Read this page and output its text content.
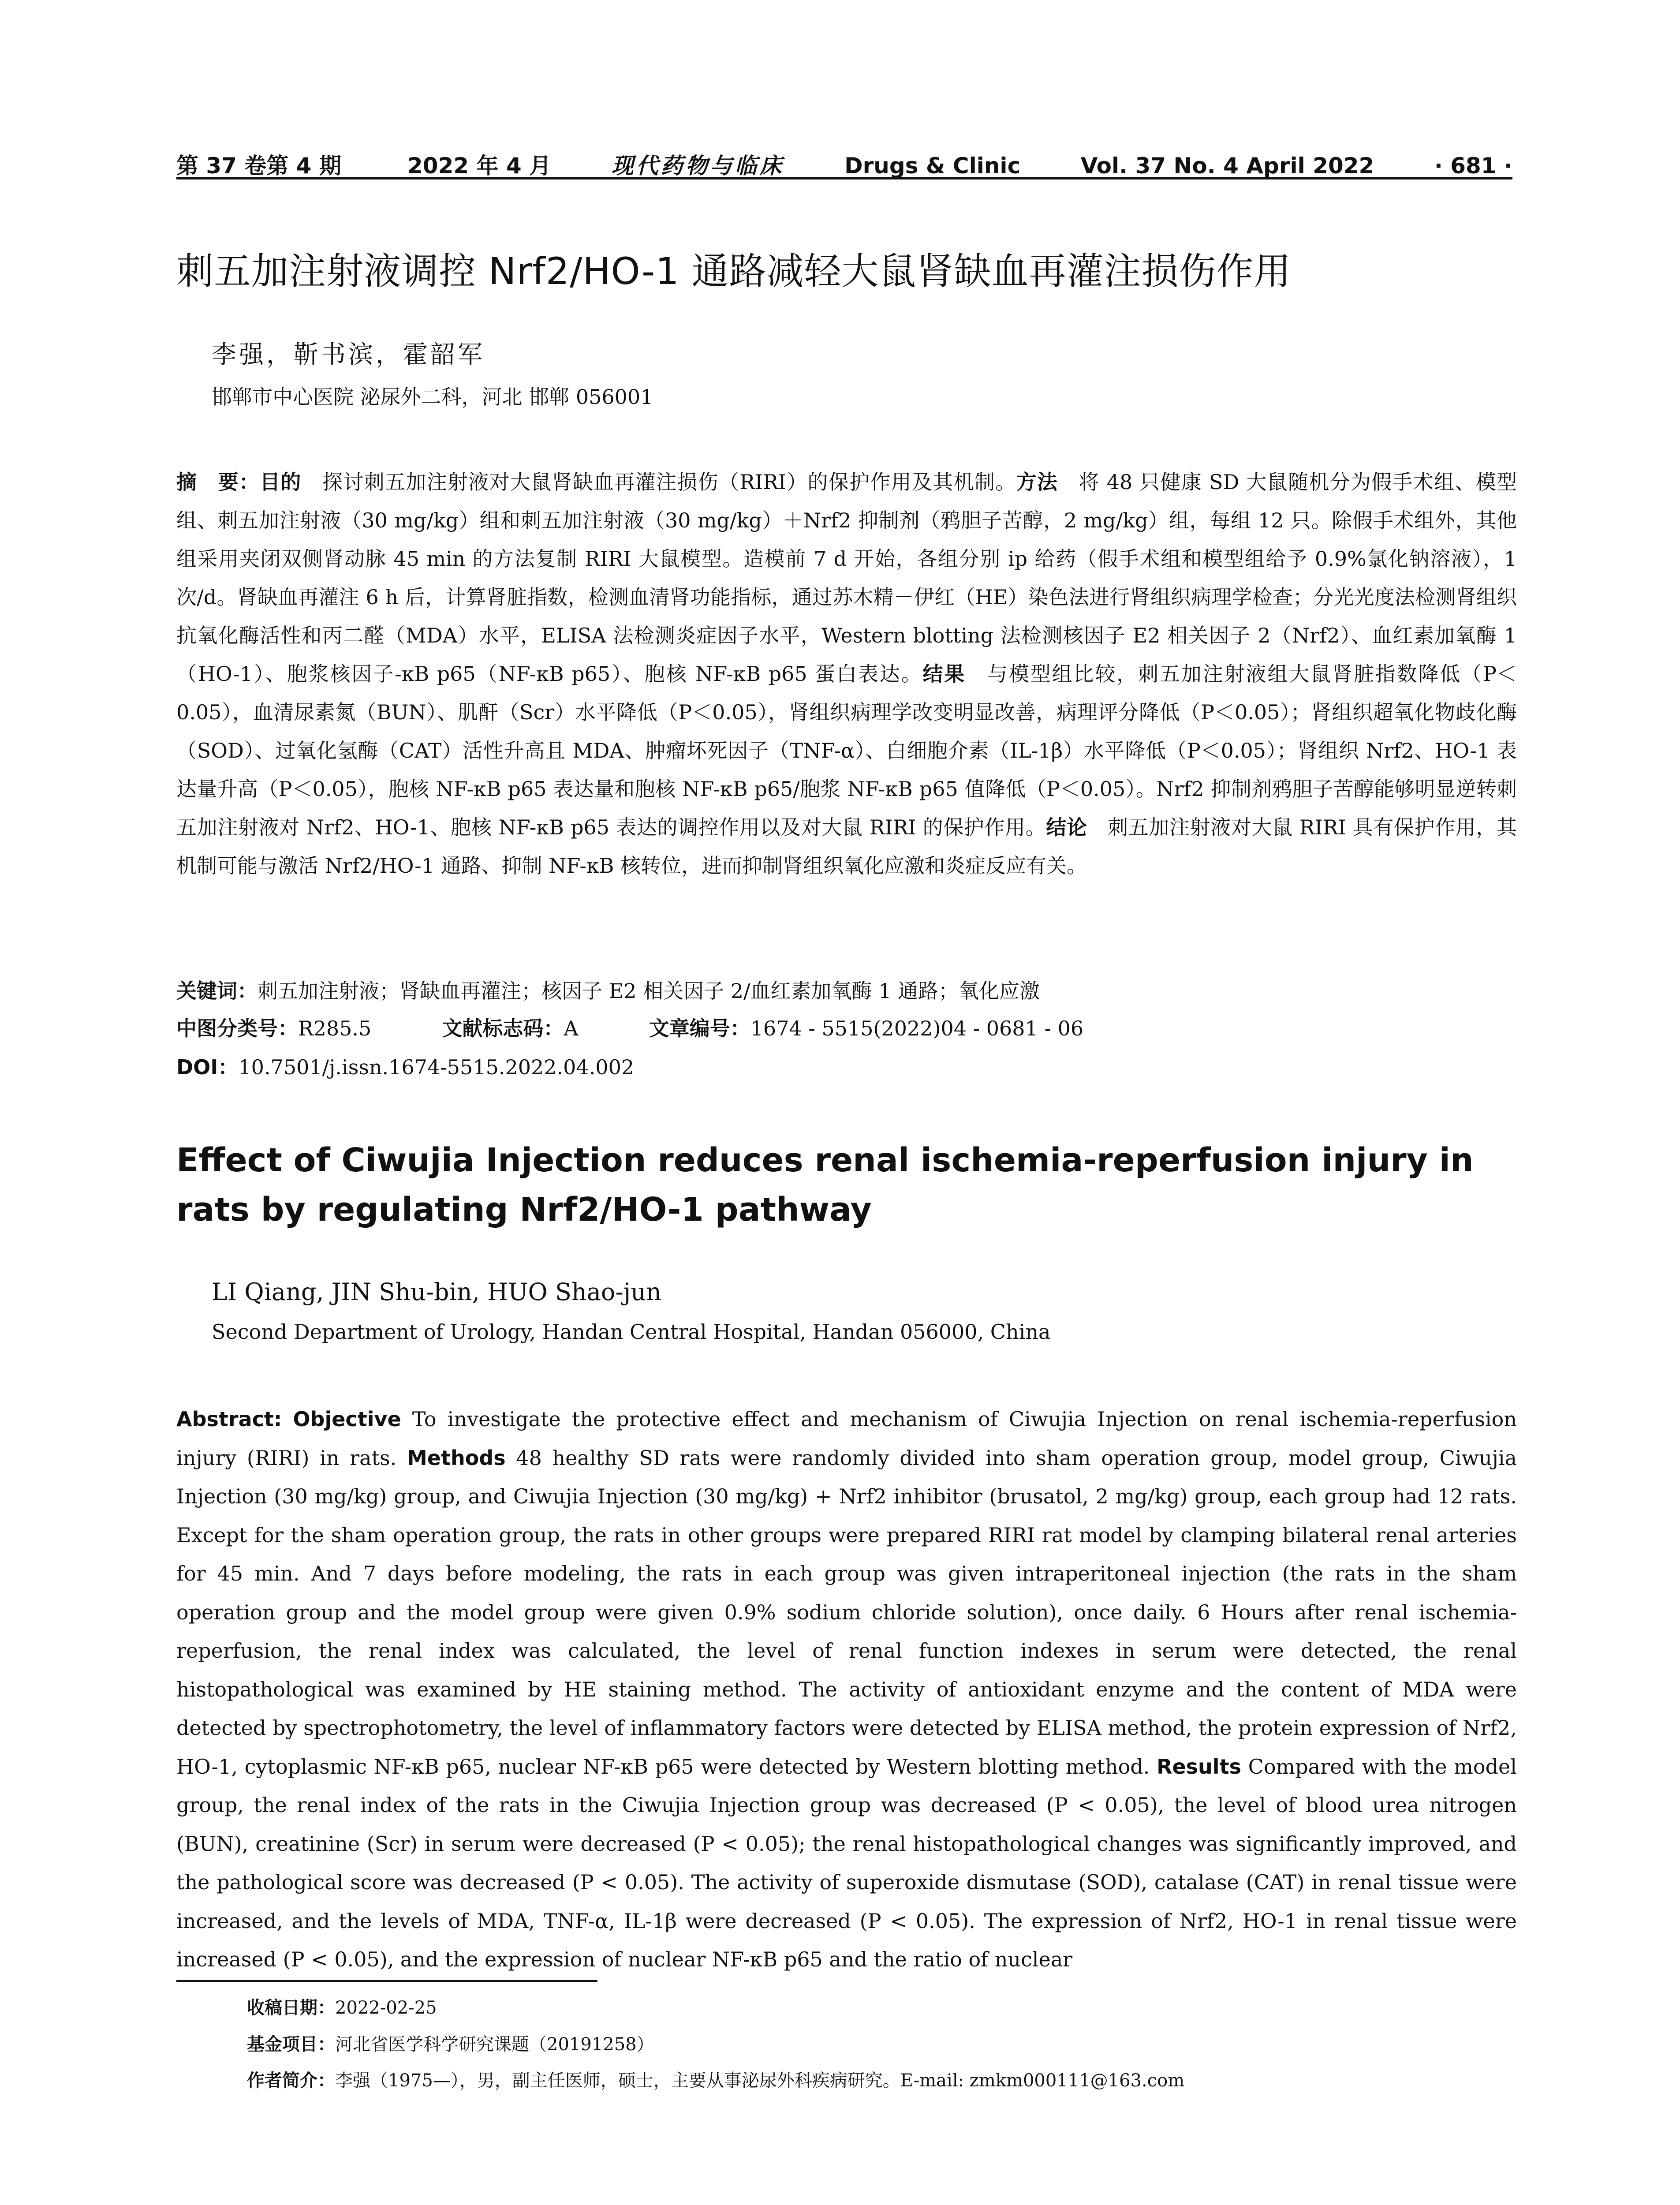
第 37 卷第 4 期	2022 年 4 月	现代药物与临床	Drugs & Clinic	Vol. 37 No. 4 April 2022	· 681 ·
刺五加注射液调控 Nrf2/HO-1 通路减轻大鼠肾缺血再灌注损伤作用
李强，靳书滨，霍韶军
邯郸市中心医院 泌尿外二科，河北 邯郸 056001
摘　要：目的　探讨刺五加注射液对大鼠肾缺血再灌注损伤（RIRI）的保护作用及其机制。方法　将 48 只健康 SD 大鼠随机分为假手术组、模型组、刺五加注射液（30 mg/kg）组和刺五加注射液（30 mg/kg）＋Nrf2 抑制剂（鸦胆子苦醇，2 mg/kg）组，每组 12 只。除假手术组外，其他组采用夹闭双侧肾动脉 45 min 的方法复制 RIRI 大鼠模型。造模前 7 d 开始，各组分别 ip 给药（假手术组和模型组给予 0.9%氯化钠溶液），1 次/d。肾缺血再灌注 6 h 后，计算肾脏指数，检测血清肾功能指标，通过苏木精－伊红（HE）染色法进行肾组织病理学检查；分光光度法检测肾组织抗氧化酶活性和丙二醛（MDA）水平，ELISA 法检测炎症因子水平，Western blotting 法检测核因子 E2 相关因子 2（Nrf2）、血红素加氧酶 1（HO-1）、胞浆核因子-κB p65（NF-κB p65）、胞核 NF-κB p65 蛋白表达。结果　与模型组比较，刺五加注射液组大鼠肾脏指数降低（P＜0.05），血清尿素氮（BUN）、肌酐（Scr）水平降低（P＜0.05），肾组织病理学改变明显改善，病理评分降低（P＜0.05）；肾组织超氧化物歧化酶（SOD）、过氧化氢酶（CAT）活性升高且 MDA、肿瘤坏死因子（TNF-α）、白细胞介素（IL-1β）水平降低（P＜0.05）；肾组织 Nrf2、HO-1 表达量升高（P＜0.05），胞核 NF-κB p65 表达量和胞核 NF-κB p65/胞浆 NF-κB p65 值降低（P＜0.05）。Nrf2 抑制剂鸦胆子苦醇能够明显逆转刺五加注射液对 Nrf2、HO-1、胞核 NF-κB p65 表达的调控作用以及对大鼠 RIRI 的保护作用。结论　刺五加注射液对大鼠 RIRI 具有保护作用，其机制可能与激活 Nrf2/HO-1 通路、抑制 NF-κB 核转位，进而抑制肾组织氧化应激和炎症反应有关。
关键词：刺五加注射液；肾缺血再灌注；核因子 E2 相关因子 2/血红素加氧酶 1 通路；氧化应激
中图分类号：R285.5	文献标志码：A	文章编号：1674 - 5515(2022)04 - 0681 - 06
DOI：10.7501/j.issn.1674-5515.2022.04.002
Effect of Ciwujia Injection reduces renal ischemia-reperfusion injury in rats by regulating Nrf2/HO-1 pathway
LI Qiang, JIN Shu-bin, HUO Shao-jun
Second Department of Urology, Handan Central Hospital, Handan 056000, China
Abstract: Objective To investigate the protective effect and mechanism of Ciwujia Injection on renal ischemia-reperfusion injury (RIRI) in rats. Methods 48 healthy SD rats were randomly divided into sham operation group, model group, Ciwujia Injection (30 mg/kg) group, and Ciwujia Injection (30 mg/kg) + Nrf2 inhibitor (brusatol, 2 mg/kg) group, each group had 12 rats. Except for the sham operation group, the rats in other groups were prepared RIRI rat model by clamping bilateral renal arteries for 45 min. And 7 days before modeling, the rats in each group was given intraperitoneal injection (the rats in the sham operation group and the model group were given 0.9% sodium chloride solution), once daily. 6 Hours after renal ischemia-reperfusion, the renal index was calculated, the level of renal function indexes in serum were detected, the renal histopathological was examined by HE staining method. The activity of antioxidant enzyme and the content of MDA were detected by spectrophotometry, the level of inflammatory factors were detected by ELISA method, the protein expression of Nrf2, HO-1, cytoplasmic NF-κB p65, nuclear NF-κB p65 were detected by Western blotting method. Results Compared with the model group, the renal index of the rats in the Ciwujia Injection group was decreased (P < 0.05), the level of blood urea nitrogen (BUN), creatinine (Scr) in serum were decreased (P < 0.05); the renal histopathological changes was significantly improved, and the pathological score was decreased (P < 0.05). The activity of superoxide dismutase (SOD), catalase (CAT) in renal tissue were increased, and the levels of MDA, TNF-α, IL-1β were decreased (P < 0.05). The expression of Nrf2, HO-1 in renal tissue were increased (P < 0.05), and the expression of nuclear NF-κB p65 and the ratio of nuclear
收稿日期：2022-02-25
基金项目：河北省医学科学研究课题（20191258）
作者简介：李强（1975—），男，副主任医师，硕士，主要从事泌尿外科疾病研究。E-mail: zmkm000111@163.com
